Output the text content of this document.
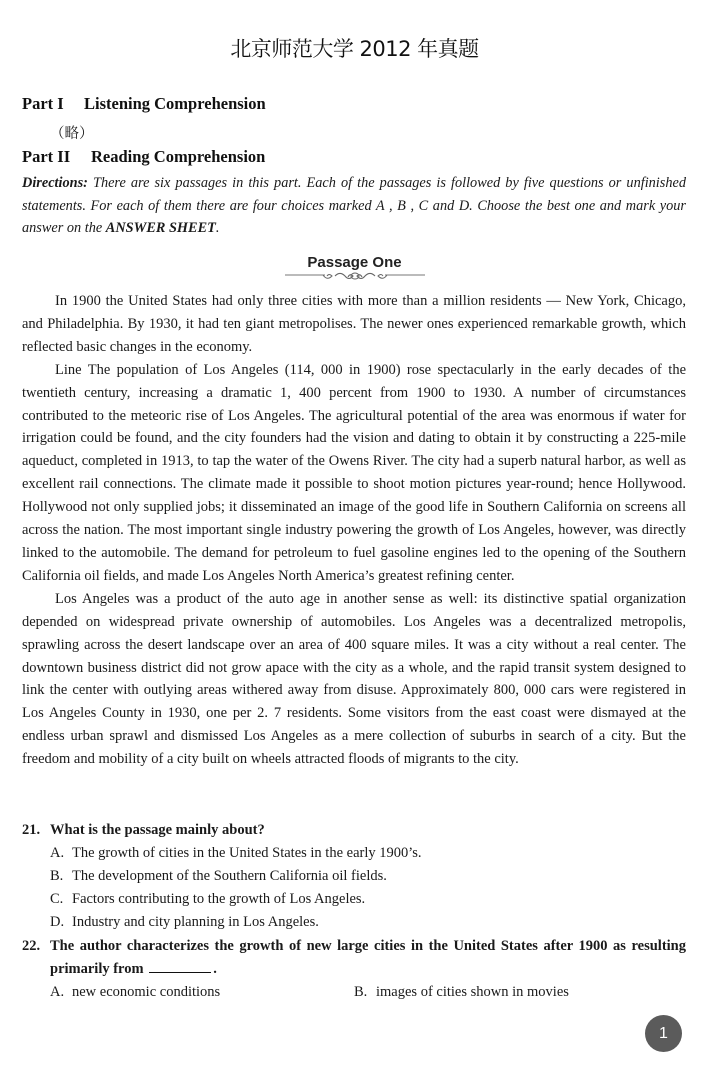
北京师范大学 2012 年真题
Part I Listening Comprehension
（略）
Part II Reading Comprehension
Directions: There are six passages in this part. Each of the passages is followed by five questions or unfinished statements. For each of them there are four choices marked A , B , C and D. Choose the best one and mark your answer on the ANSWER SHEET.
Passage One

In 1900 the United States had only three cities with more than a million residents — New York, Chicago, and Philadelphia. By 1930, it had ten giant metropolises. The newer ones experienced remarkable growth, which reflected basic changes in the economy.

Line The population of Los Angeles (114, 000 in 1900) rose spectacularly in the early decades of the twentieth century, increasing a dramatic 1, 400 percent from 1900 to 1930. A number of circumstances contributed to the meteoric rise of Los Angeles. The agricultural potential of the area was enormous if water for irrigation could be found, and the city founders had the vision and dating to obtain it by constructing a 225-mile aqueduct, completed in 1913, to tap the water of the Owens River. The city had a superb natural harbor, as well as excellent rail connections. The climate made it possible to shoot motion pictures year-round; hence Hollywood. Hollywood not only supplied jobs; it disseminated an image of the good life in Southern California on screens all across the nation. The most important single industry powering the growth of Los Angeles, however, was directly linked to the automobile. The demand for petroleum to fuel gasoline engines led to the opening of the Southern California oil fields, and made Los Angeles North America’s greatest refining center.

Los Angeles was a product of the auto age in another sense as well: its distinctive spatial organization depended on widespread private ownership of automobiles. Los Angeles was a decentralized metropolis, sprawling across the desert landscape over an area of 400 square miles. It was a city without a real center. The downtown business district did not grow apace with the city as a whole, and the rapid transit system designed to link the center with outlying areas withered away from disuse. Approximately 800, 000 cars were registered in Los Angeles County in 1930, one per 2. 7 residents. Some visitors from the east coast were dismayed at the endless urban sprawl and dismissed Los Angeles as a mere collection of suburbs in search of a city. But the freedom and mobility of a city built on wheels attracted floods of migrants to the city.

21. What is the passage mainly about?
A. The growth of cities in the United States in the early 1900’s.
B. The development of the Southern California oil fields.
C. Factors contributing to the growth of Los Angeles.
D. Industry and city planning in Los Angeles.
22. The author characterizes the growth of new large cities in the United States after 1900 as resulting primarily from	.
A. new economic conditions	B. images of cities shown in movies
1
